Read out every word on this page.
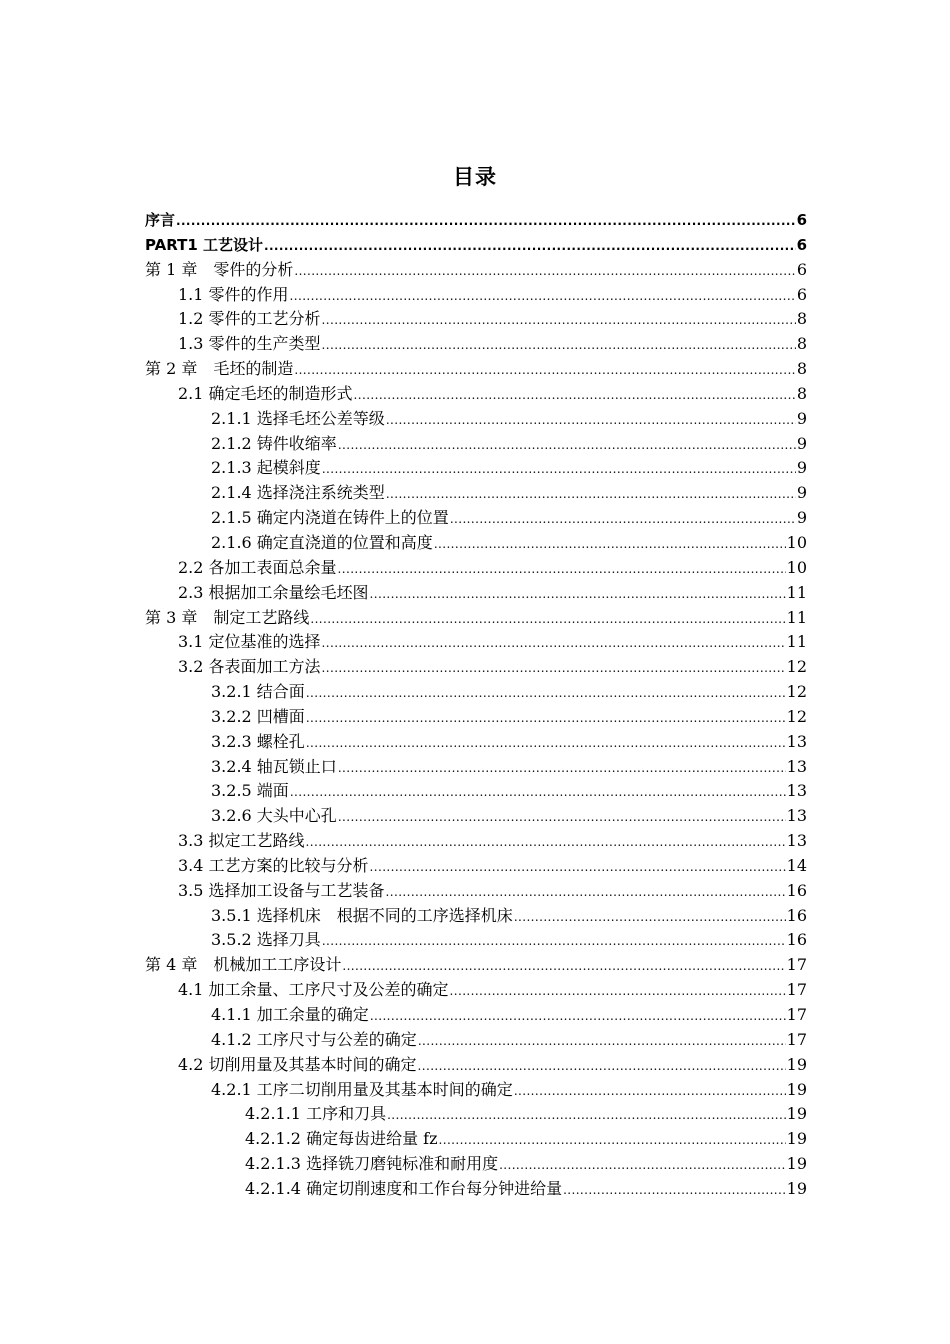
目录
序言 .....	6
PART1 工艺设计 .....	6
第 1 章　零件的分析 .....	6
1.1 零件的作用 .....	6
1.2 零件的工艺分析 .....	8
1.3 零件的生产类型 .....	8
第 2 章　毛坯的制造 .....	8
2.1 确定毛坯的制造形式 .....	8
2.1.1 选择毛坯公差等级 .....	9
2.1.2 铸件收缩率 .....	9
2.1.3 起模斜度 .....	9
2.1.4 选择浇注系统类型 .....	9
2.1.5 确定内浇道在铸件上的位置 .....	9
2.1.6 确定直浇道的位置和高度 .....	10
2.2 各加工表面总余量 .....	10
2.3 根据加工余量绘毛坯图 .....	11
第 3 章　制定工艺路线 .....	11
3.1 定位基准的选择 .....	11
3.2 各表面加工方法 .....	12
3.2.1 结合面 .....	12
3.2.2 凹槽面 .....	12
3.2.3 螺栓孔 .....	13
3.2.4 轴瓦锁止口 .....	13
3.2.5 端面 .....	13
3.2.6 大头中心孔 .....	13
3.3 拟定工艺路线 .....	13
3.4 工艺方案的比较与分析 .....	14
3.5 选择加工设备与工艺装备 .....	16
3.5.1 选择机床　根据不同的工序选择机床 .....	16
3.5.2 选择刀具 .....	16
第 4 章　机械加工工序设计 .....	17
4.1 加工余量、工序尺寸及公差的确定 .....	17
4.1.1 加工余量的确定 .....	17
4.1.2 工序尺寸与公差的确定 .....	17
4.2 切削用量及其基本时间的确定 .....	19
4.2.1 工序二切削用量及其基本时间的确定 .....	19
4.2.1.1 工序和刀具 .....	19
4.2.1.2 确定每齿进给量 fz .....	19
4.2.1.3 选择铣刀磨钝标准和耐用度 .....	19
4.2.1.4 确定切削速度和工作台每分钟进给量 .....	19
